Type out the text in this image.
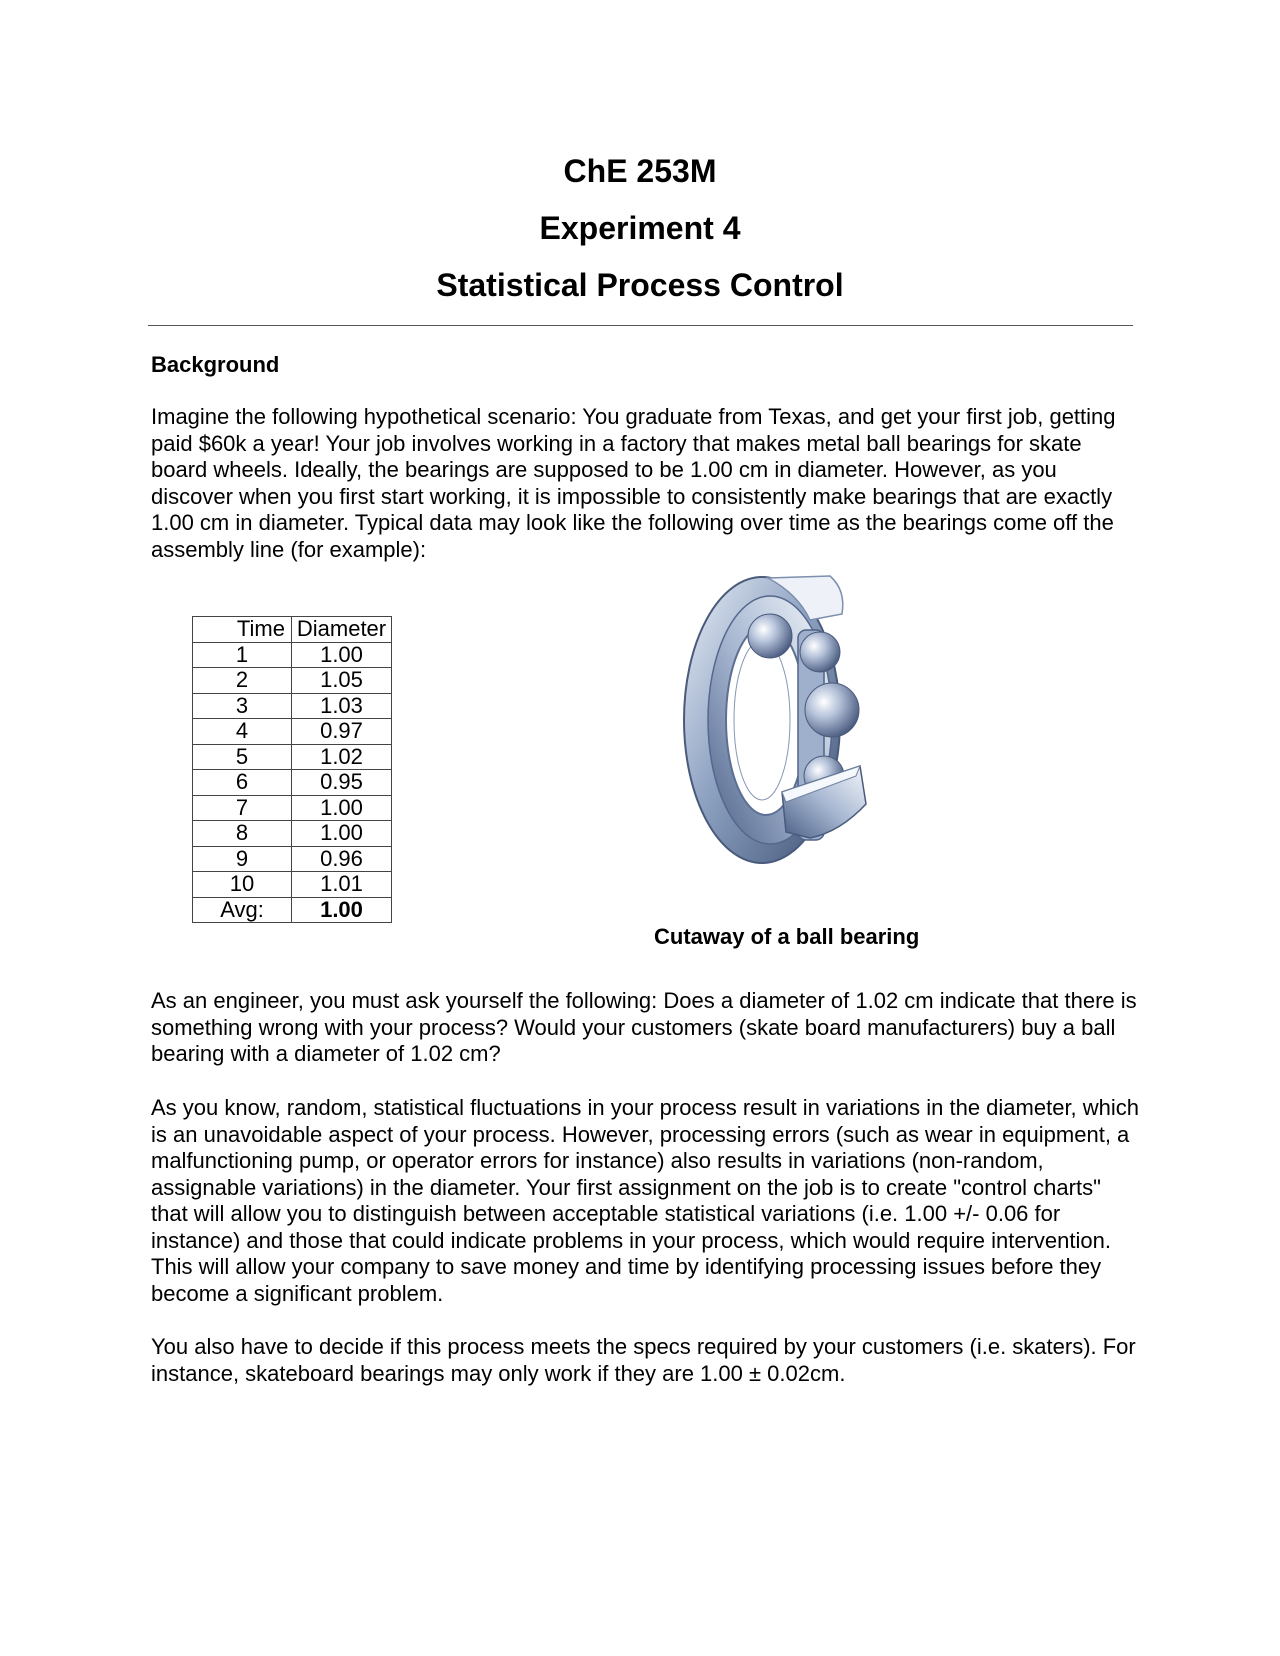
ChE 253M
Experiment 4
Statistical Process Control
Background

Imagine the following hypothetical scenario: You graduate from Texas, and get your first job, getting paid $60k a year! Your job involves working in a factory that makes metal ball bearings for skate board wheels. Ideally, the bearings are supposed to be 1.00 cm in diameter. However, as you discover when you first start working, it is impossible to consistently make bearings that are exactly 1.00 cm in diameter. Typical data may look like the following over time as the bearings come off the assembly line (for example):

Time	Diameter
1	1.00
2	1.05
3	1.03
4	0.97
5	1.02
6	0.95
7	1.00
8	1.00
9	0.96
10	1.01
Avg:	1.00
Cutaway of a ball bearing

As an engineer, you must ask yourself the following: Does a diameter of 1.02 cm indicate that there is something wrong with your process? Would your customers (skate board manufacturers) buy a ball bearing with a diameter of 1.02 cm?

As you know, random, statistical fluctuations in your process result in variations in the diameter, which is an unavoidable aspect of your process. However, processing errors (such as wear in equipment, a malfunctioning pump, or operator errors for instance) also results in variations (non-random, assignable variations) in the diameter. Your first assignment on the job is to create "control charts" that will allow you to distinguish between acceptable statistical variations (i.e. 1.00 +/- 0.06 for instance) and those that could indicate problems in your process, which would require intervention. This will allow your company to save money and time by identifying processing issues before they become a significant problem.

You also have to decide if this process meets the specs required by your customers (i.e. skaters). For instance, skateboard bearings may only work if they are 1.00 ± 0.02cm.
